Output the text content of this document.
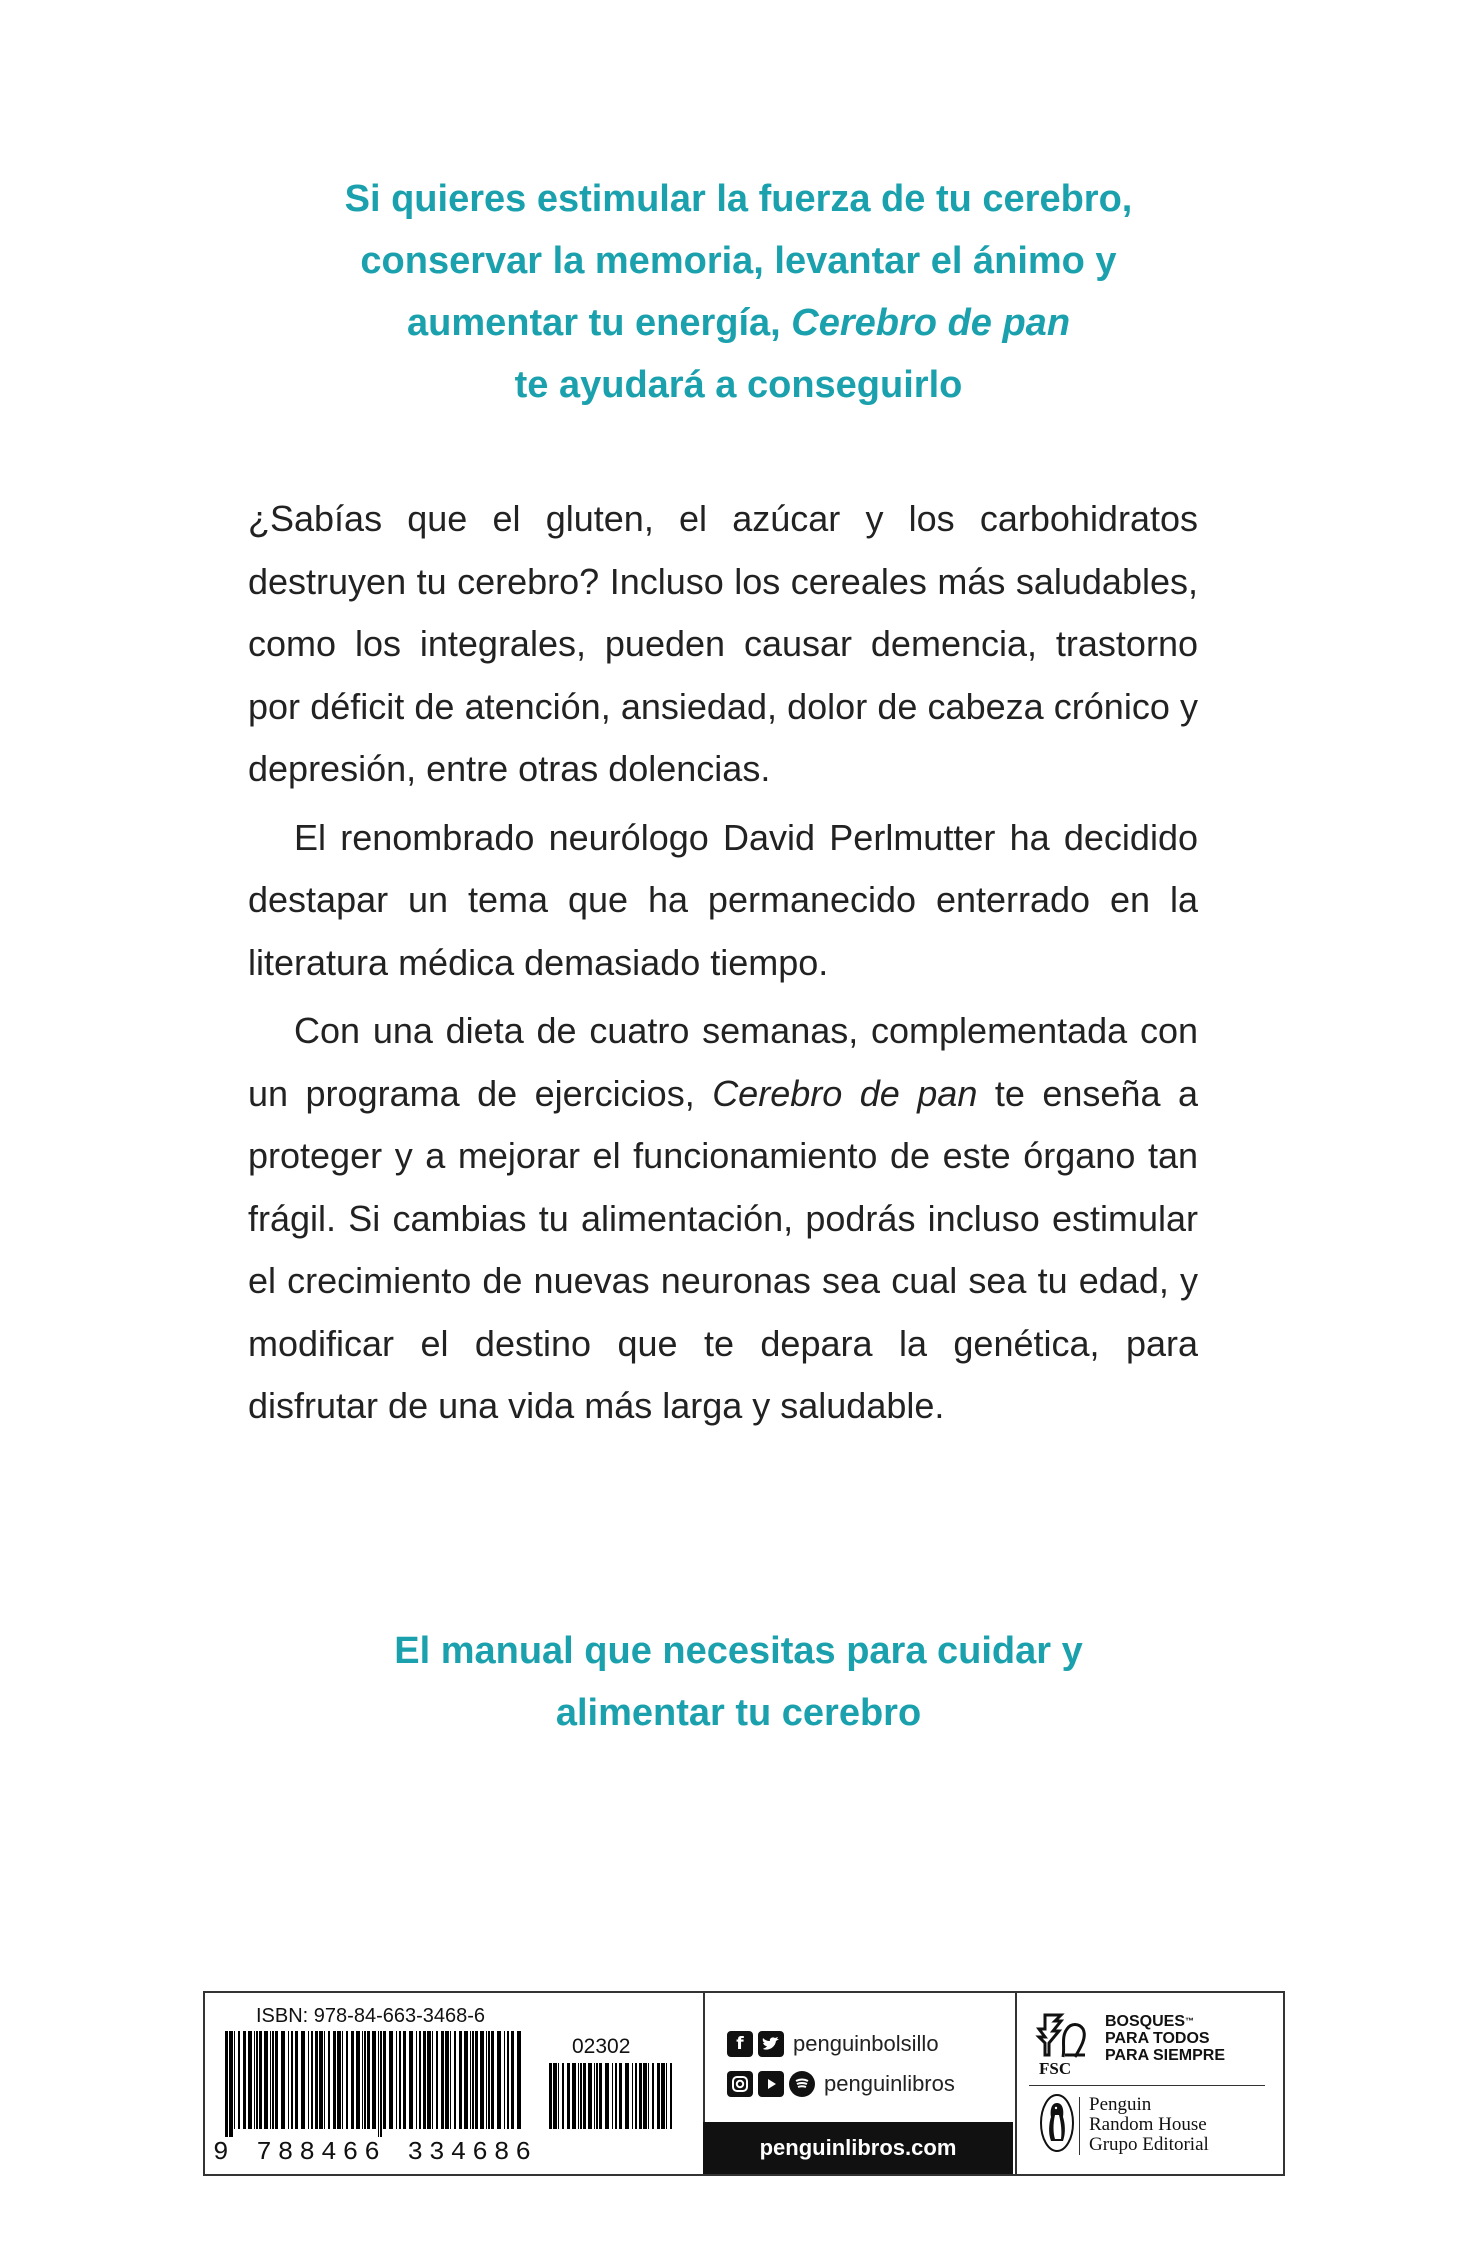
Si quieres estimular la fuerza de tu cerebro,
conservar la memoria, levantar el ánimo y
aumentar tu energía, Cerebro de pan
te ayudará a conseguirlo
¿Sabías que el gluten, el azúcar y los carbohidratos destruyen tu cerebro? Incluso los cereales más saludables, como los integrales, pueden causar demencia, trastorno por déficit de atención, ansiedad, dolor de cabeza crónico y depresión, entre otras dolencias.
El renombrado neurólogo David Perlmutter ha decidido destapar un tema que ha permanecido enterrado en la literatura médica demasiado tiempo.
Con una dieta de cuatro semanas, complementada con un programa de ejercicios, Cerebro de pan te enseña a proteger y a mejorar el funcionamiento de este órgano tan frágil. Si cambias tu alimentación, podrás incluso estimular el crecimiento de nuevas neuronas sea cual sea tu edad, y modificar el destino que te depara la genética, para disfrutar de una vida más larga y saludable.
El manual que necesitas para cuidar y
alimentar tu cerebro
ISBN: 978-84-663-3468-6
02302
9 788466 334686
f	penguinbolsillo
penguinlibros
penguinlibros.com
FSC
BOSQUES™
PARA TODOS
PARA SIEMPRE
Penguin
Random House
Grupo Editorial
